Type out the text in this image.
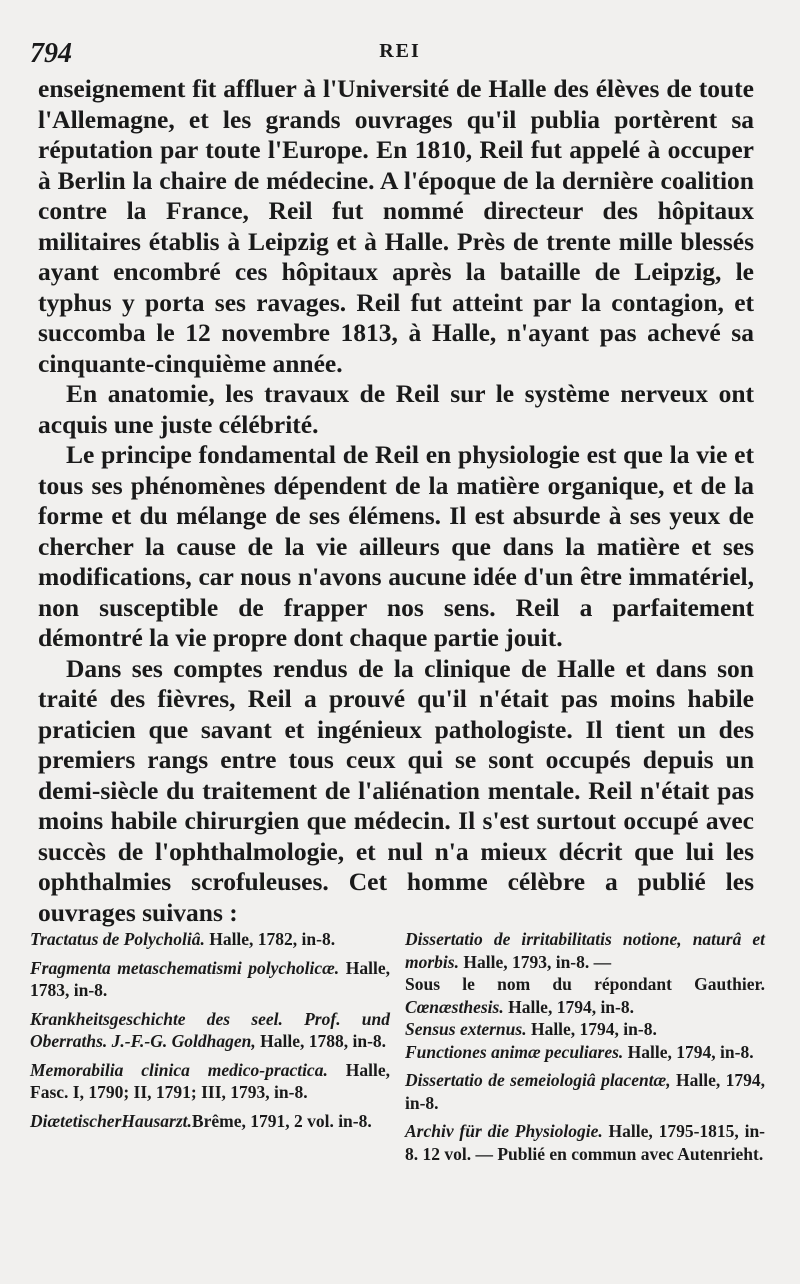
794	REI

enseignement fit affluer à l'Université de Halle des élèves de toute l'Allemagne, et les grands ouvrages qu'il publia portèrent sa réputation par toute l'Europe. En 1810, Reil fut appelé à occuper à Berlin la chaire de médecine. A l'époque de la dernière coalition contre la France, Reil fut nommé directeur des hôpitaux militaires établis à Leipzig et à Halle. Près de trente mille blessés ayant encombré ces hôpitaux après la bataille de Leipzig, le typhus y porta ses ravages. Reil fut atteint par la contagion, et succomba le 12 novembre 1813, à Halle, n'ayant pas achevé sa cinquante-cinquième année.

En anatomie, les travaux de Reil sur le système nerveux ont acquis une juste célébrité.

Le principe fondamental de Reil en physiologie est que la vie et tous ses phénomènes dépendent de la matière organique, et de la forme et du mélange de ses élémens. Il est absurde à ses yeux de chercher la cause de la vie ailleurs que dans la matière et ses modifications, car nous n'avons aucune idée d'un être immatériel, non susceptible de frapper nos sens. Reil a parfaitement démontré la vie propre dont chaque partie jouit.

Dans ses comptes rendus de la clinique de Halle et dans son traité des fièvres, Reil a prouvé qu'il n'était pas moins habile praticien que savant et ingénieux pathologiste. Il tient un des premiers rangs entre tous ceux qui se sont occupés depuis un demi-siècle du traitement de l'aliénation mentale. Reil n'était pas moins habile chirurgien que médecin. Il s'est surtout occupé avec succès de l'ophthalmologie, et nul n'a mieux décrit que lui les ophthalmies scrofuleuses. Cet homme célèbre a publié les ouvrages suivans :

Tractatus de Polycholiâ. Halle, 1782, in-8.

Fragmenta metaschematismi polycholicæ. Halle, 1783, in-8.

Krankheitsgeschichte des seel. Prof. und Oberraths. J.-F.-G. Goldhagen, Halle, 1788, in-8.

Memorabilia clinica medico-practica. Halle, Fasc. I, 1790; II, 1791; III, 1793, in-8.

DiætetischerHausarzt.Brême, 1791, 2 vol. in-8.

Dissertatio de irritabilitatis notione, naturâ et morbis. Halle, 1793, in-8. —

Sous le nom du répondant Gauthier. Cœnæsthesis. Halle, 1794, in-8.

Sensus externus. Halle, 1794, in-8.

Functiones animæ peculiares. Halle, 1794, in-8.

Dissertatio de semeiologiâ placentæ, Halle, 1794, in-8.

Archiv für die Physiologie. Halle, 1795-1815, in-8. 12 vol. — Publié en commun avec Autenrieht.
